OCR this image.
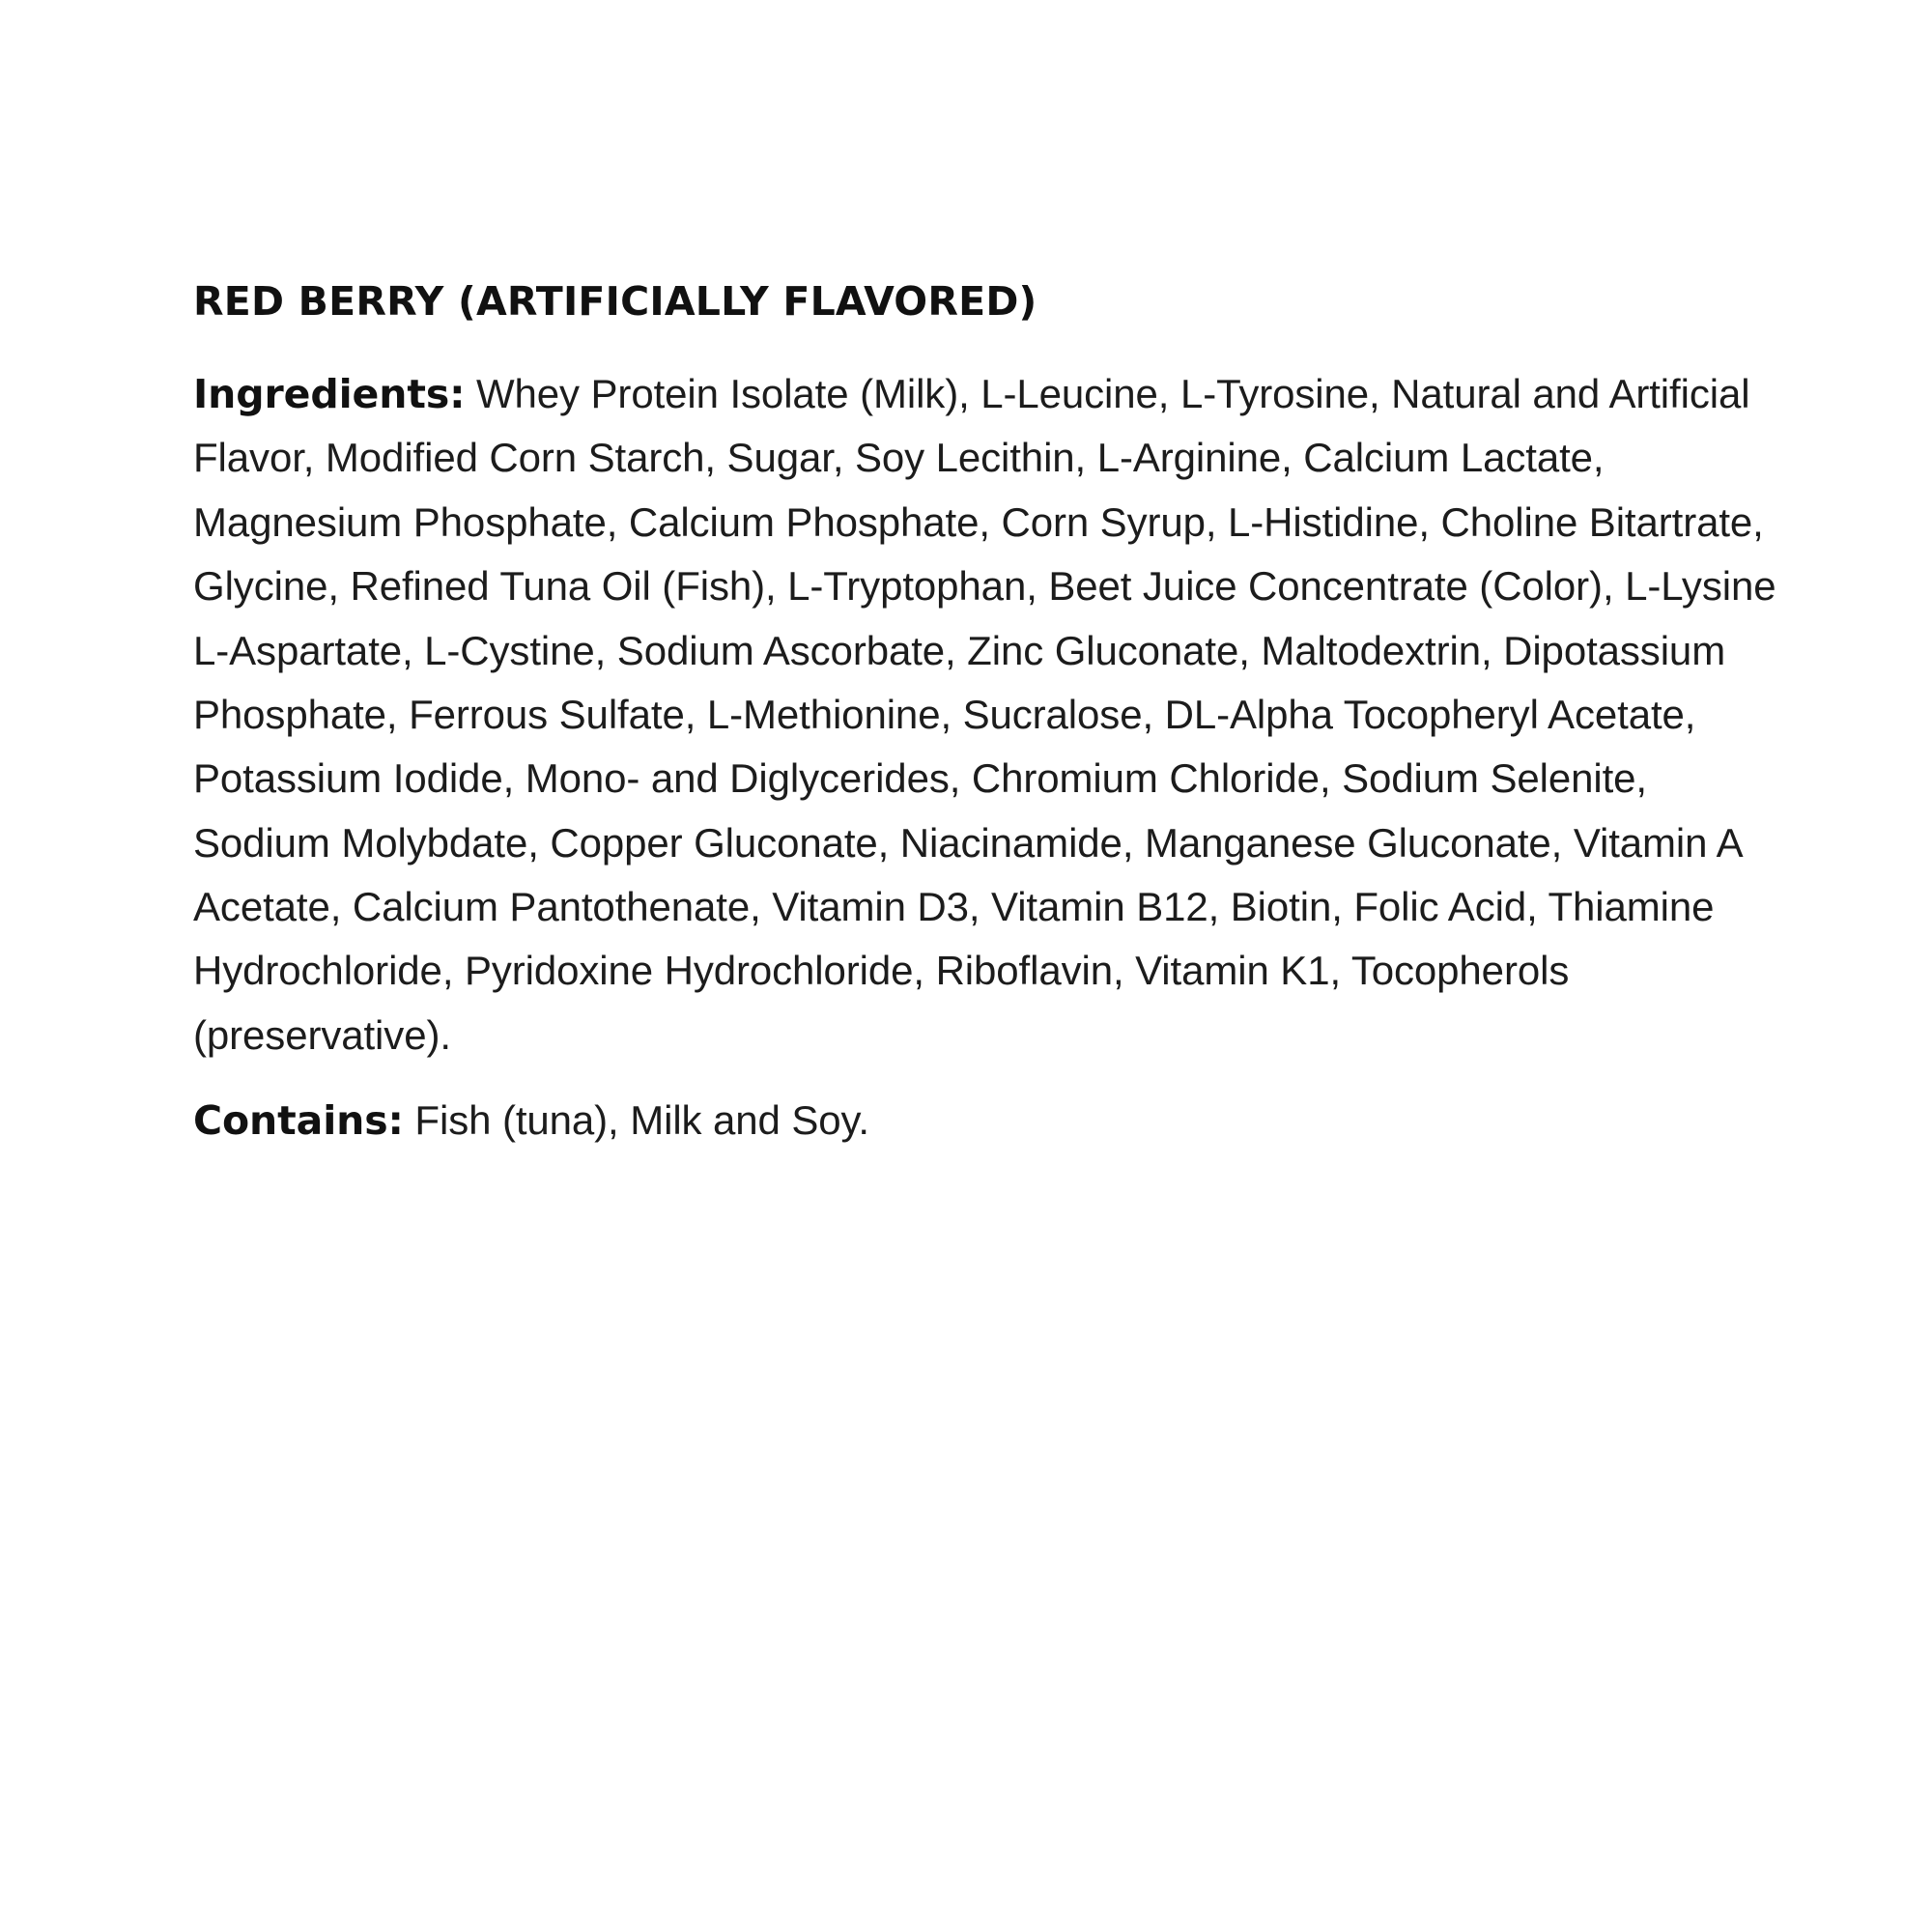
RED BERRY (ARTIFICIALLY FLAVORED)

Ingredients: Whey Protein Isolate (Milk), L-Leucine, L-Tyrosine, Natural and Artificial Flavor, Modified Corn Starch, Sugar, Soy Lecithin, L-Arginine, Calcium Lactate, Magnesium Phosphate, Calcium Phosphate, Corn Syrup, L-Histidine, Choline Bitartrate, Glycine, Refined Tuna Oil (Fish), L-Tryptophan, Beet Juice Concentrate (Color), L-Lysine L-Aspartate, L-Cystine, Sodium Ascorbate, Zinc Gluconate, Maltodextrin, Dipotassium Phosphate, Ferrous Sulfate, L-Methionine, Sucralose, DL-Alpha Tocopheryl Acetate, Potassium Iodide, Mono- and Diglycerides, Chromium Chloride, Sodium Selenite, Sodium Molybdate, Copper Gluconate, Niacinamide, Manganese Gluconate, Vitamin A Acetate, Calcium Pantothenate, Vitamin D3, Vitamin B12, Biotin, Folic Acid, Thiamine Hydrochloride, Pyridoxine Hydrochloride, Riboflavin, Vitamin K1, Tocopherols (preservative).

Contains: Fish (tuna), Milk and Soy.
